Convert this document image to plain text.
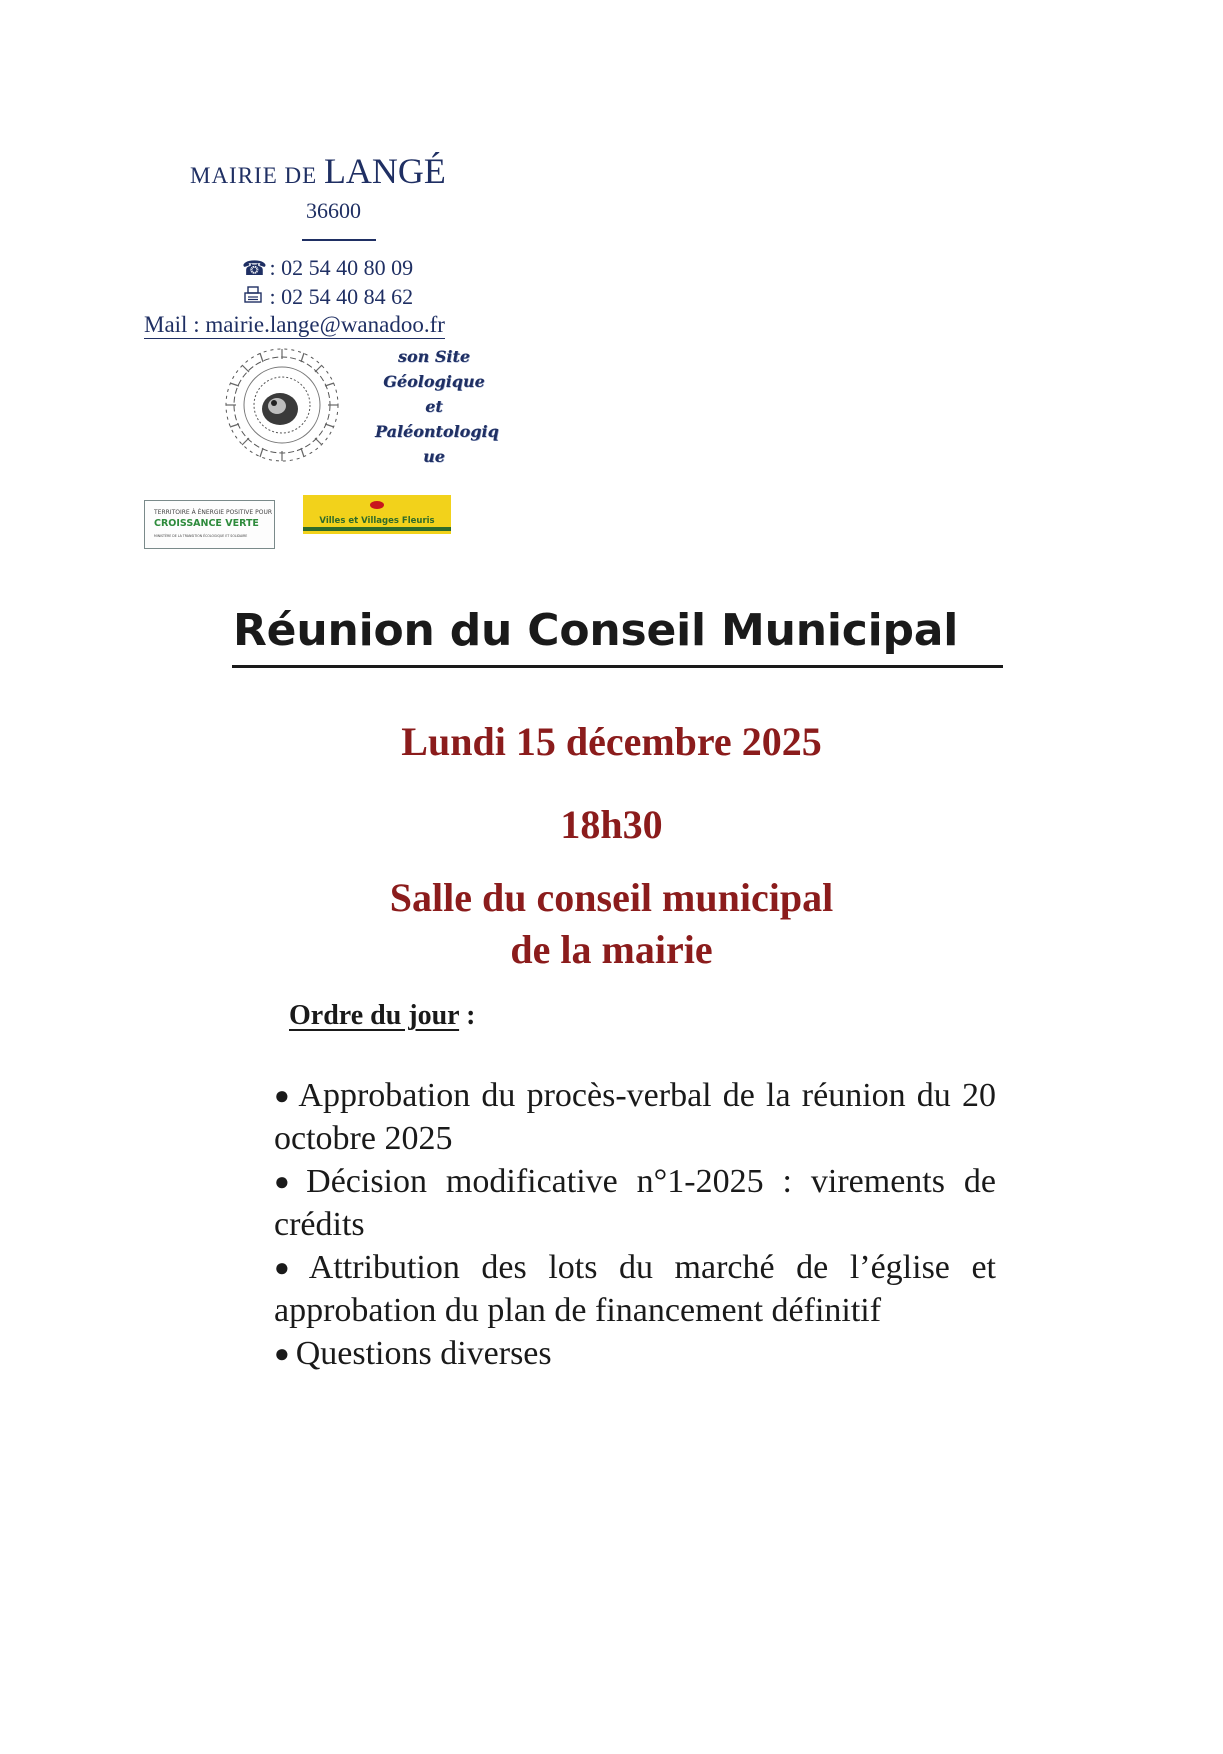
MAIRIE DE LANGÉ
36600
☎ : 02 54 40 80 09
: 02 54 40 84 62
Mail : mairie.lange@wanadoo.fr
son Site
Géologique
et
Paléontologiq
ue
TERRITOIRE À ÉNERGIE POSITIVE POUR LA
CROISSANCE VERTE
MINISTÈRE DE LA TRANSITION ÉCOLOGIQUE ET SOLIDAIRE
Villes et Villages Fleuris
Réunion du Conseil Municipal
Lundi 15 décembre 2025
18h30
Salle du conseil municipal
de la mairie
Ordre du jour :

● Approbation du procès-verbal de la réunion du 20 octobre 2025

● Décision modificative n°1-2025 : virements de crédits

● Attribution des lots du marché de l’église et approbation du plan de financement définitif

● Questions diverses
